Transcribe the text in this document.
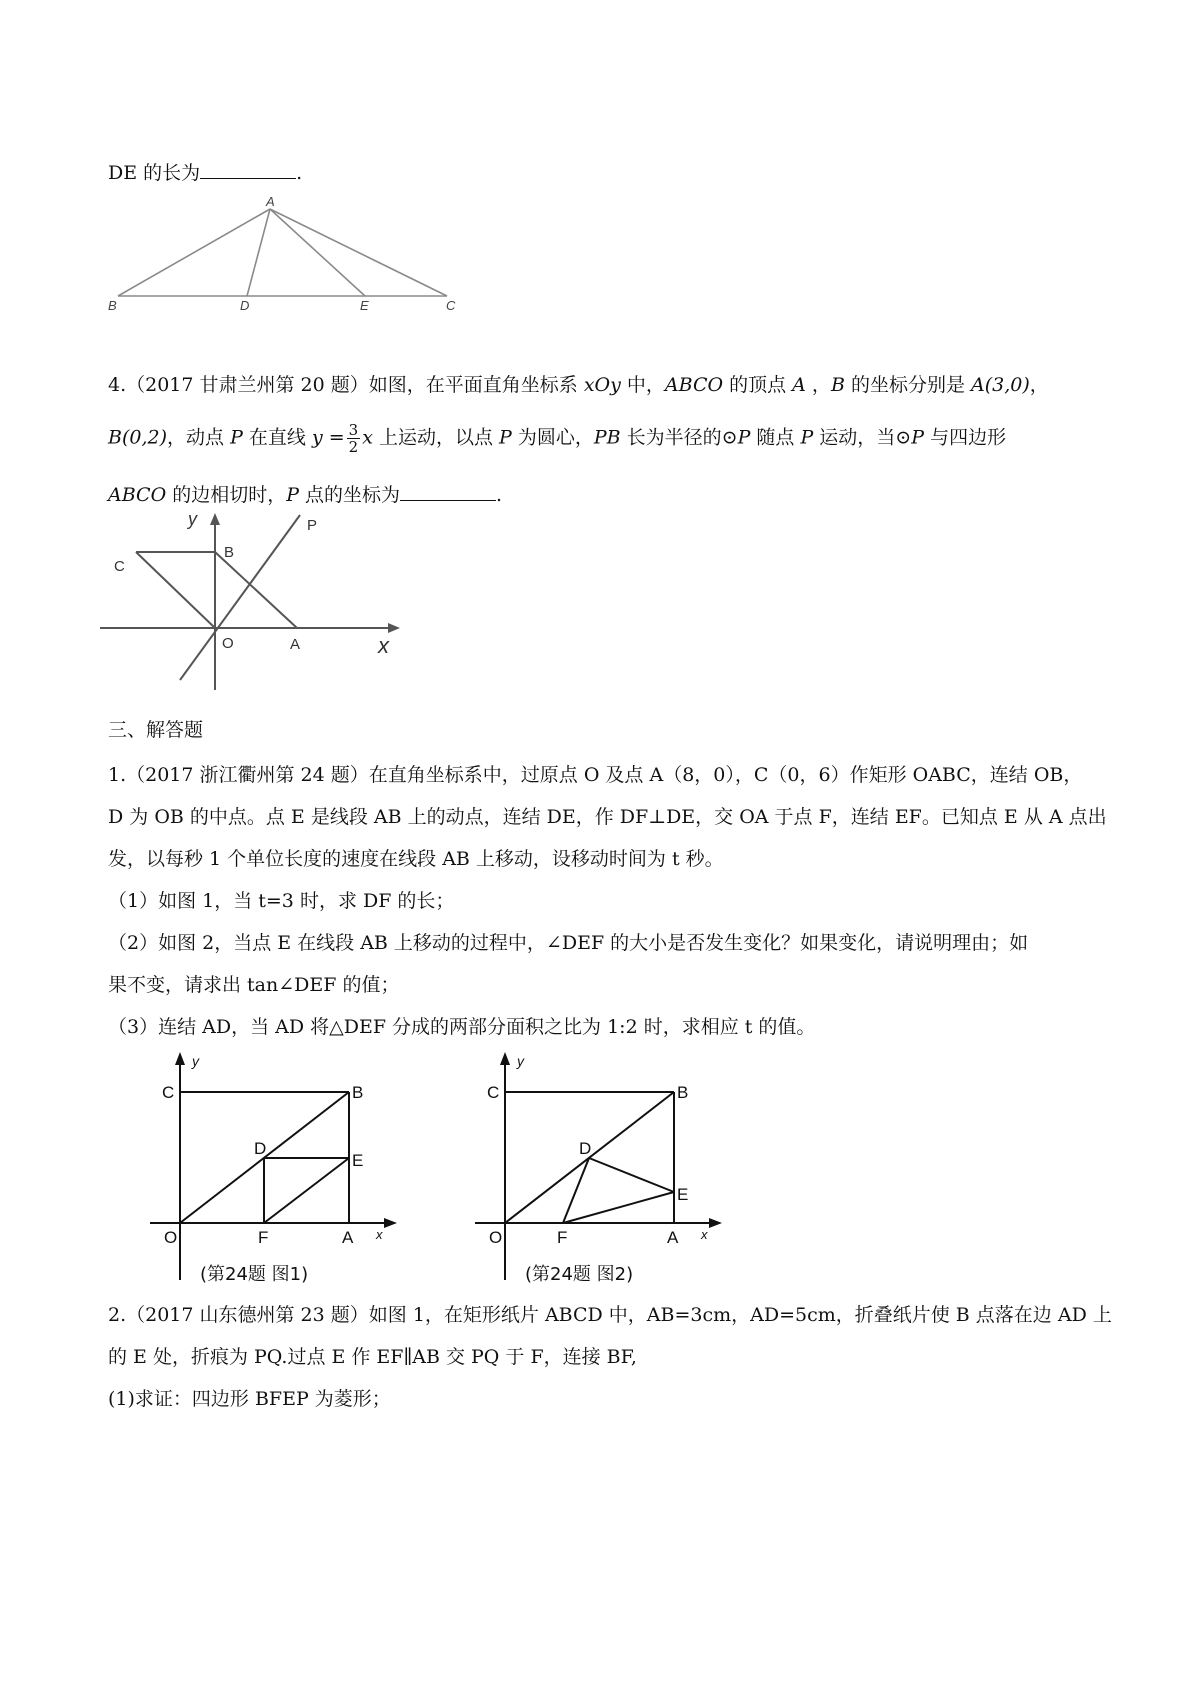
DE 的长为	.
A
B	D	E	C
4.（2017 甘肃兰州第 20 题）如图，在平面直角坐标系 xOy 中，ABCO 的顶点 A ，B 的坐标分别是 A(3,0)，
B(0,2)，动点 P 在直线 $y = \frac{3}{2}$ x 上运动，以点 P 为圆心，PB 长为半径的⊙P 随点 P 运动，当⊙P 与四边形
ABCO 的边相切时，P 点的坐标为	.
y
x
P
B
C
O	A
三、解答题
1.（2017 浙江衢州第 24 题）在直角坐标系中，过原点 O 及点 A（8，0），C（0，6）作矩形 OABC，连结 OB，
D 为 OB 的中点。点 E 是线段 AB 上的动点，连结 DE，作 DF⊥DE，交 OA 于点 F，连结 EF。已知点 E 从 A 点出
发，以每秒 1 个单位长度的速度在线段 AB 上移动，设移动时间为 t 秒。
（1）如图 1，当 t=3 时，求 DF 的长；
（2）如图 2，当点 E 在线段 AB 上移动的过程中，∠DEF 的大小是否发生变化？如果变化，请说明理由；如
果不变，请求出 tan∠DEF 的值；
（3）连结 AD，当 AD 将△DEF 分成的两部分面积之比为 1:2 时，求相应 t 的值。
y
x
C	B
D
E
O	F	A
(第24题 图1)
y
x
C	B
D
E
O	F	A
(第24题 图2)
2.（2017 山东德州第 23 题）如图 1，在矩形纸片 ABCD 中，AB=3cm，AD=5cm，折叠纸片使 B 点落在边 AD 上
的 E 处，折痕为 PQ.过点 E 作 EF∥AB 交 PQ 于 F，连接 BF,
(1)求证：四边形 BFEP 为菱形；
